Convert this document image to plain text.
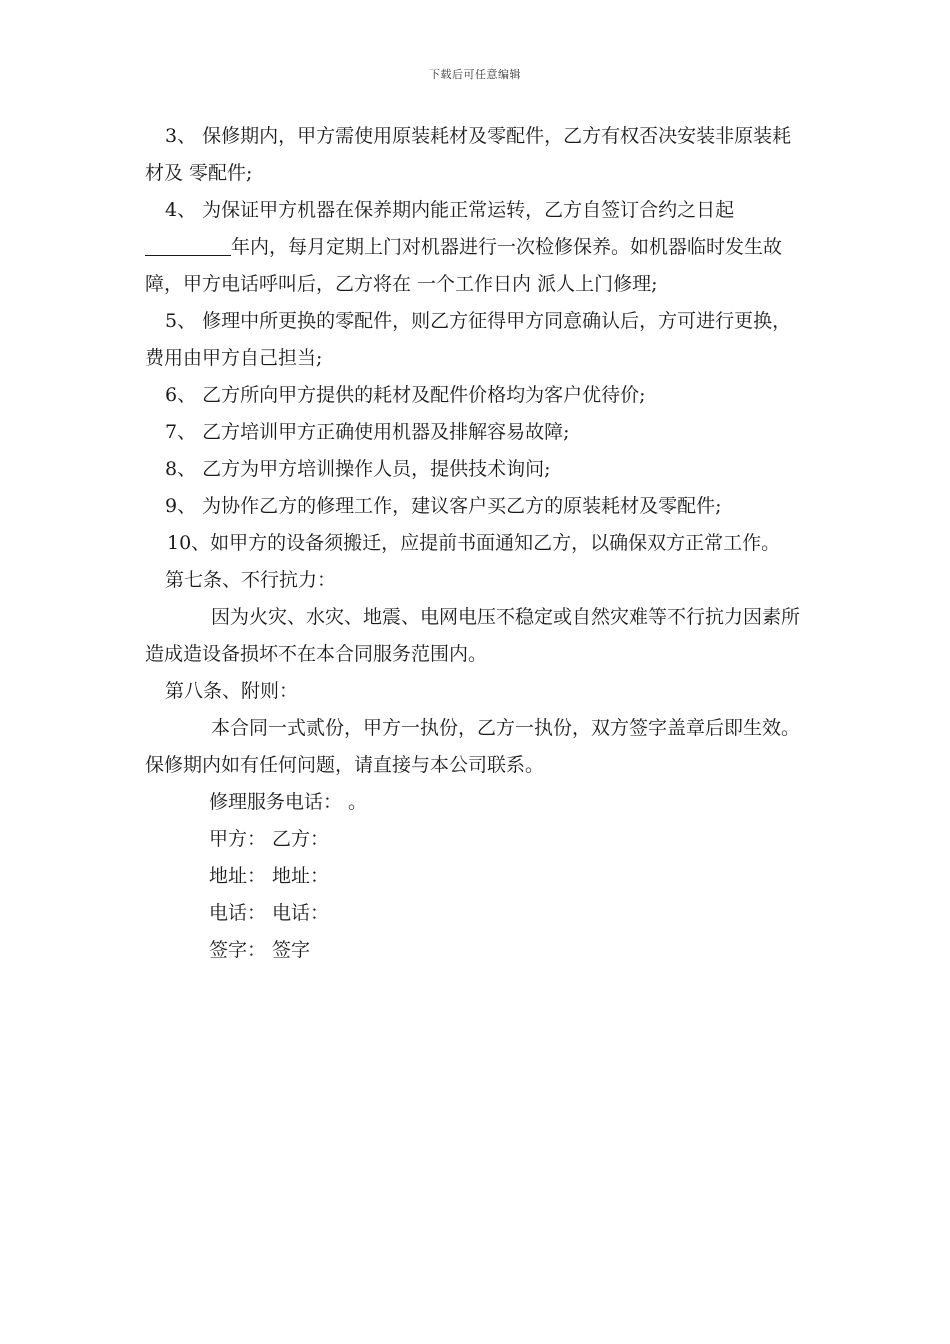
下载后可任意编辑

3、 保修期内，甲方需使用原装耗材及零配件，乙方有权否决安装非原装耗材及 零配件;

4、 为保证甲方机器在保养期内能正常运转，乙方自签订合约之日起年内，每月定期上门对机器进行一次检修保养。如机器临时发生故障，甲方电话呼叫后，乙方将在 一个工作日内 派人上门修理;

5、 修理中所更换的零配件，则乙方征得甲方同意确认后，方可进行更换，费用由甲方自己担当;

6、 乙方所向甲方提供的耗材及配件价格均为客户优待价;

7、 乙方培训甲方正确使用机器及排解容易故障;

8、 乙方为甲方培训操作人员，提供技术询问;

9、 为协作乙方的修理工作，建议客户买乙方的原装耗材及零配件;

10、如甲方的设备须搬迁，应提前书面通知乙方，以确保双方正常工作。

第七条、不行抗力：

因为火灾、水灾、地震、电网电压不稳定或自然灾难等不行抗力因素所造成造设备损坏不在本合同服务范围内。

第八条、附则：

本合同一式贰份，甲方一执份，乙方一执份，双方签字盖章后即生效。保修期内如有任何问题，请直接与本公司联系。

修理服务电话： 。

甲方： 乙方：

地址： 地址：

电话： 电话：

签字： 签字
